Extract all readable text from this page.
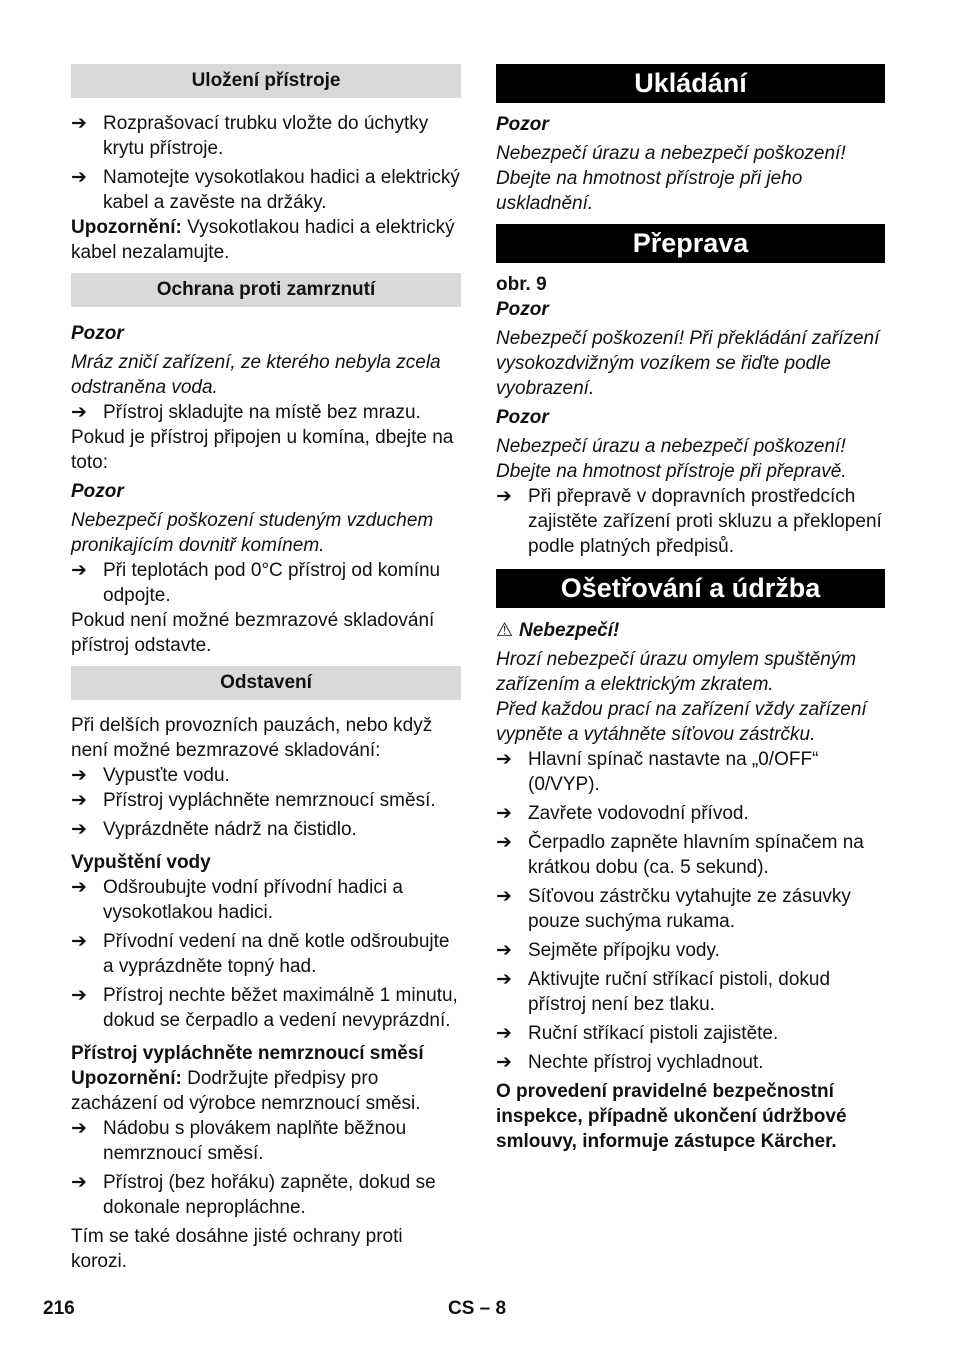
Uložení přístroje

➔ Rozprašovací trubku vložte do úchytky krytu přístroje.

➔ Namotejte vysokotlakou hadici a elektrický kabel a zavěste na držáky.

Upozornění: Vysokotlakou hadici a elektrický kabel nezalamujte.

Ochrana proti zamrznutí

Pozor

Mráz zničí zařízení, ze kterého nebyla zcela odstraněna voda.

➔ Přístroj skladujte na místě bez mrazu.

Pokud je přístroj připojen u komína, dbejte na toto:

Pozor

Nebezpečí poškození studeným vzduchem pronikajícím dovnitř komínem.

➔ Při teplotách pod 0°C přístroj od komínu odpojte.

Pokud není možné bezmrazové skladování přístroj odstavte.

Odstavení

Při delších provozních pauzách, nebo když není možné bezmrazové skladování:

➔ Vypusťte vodu.

➔ Přístroj vypláchněte nemrznoucí směsí.

➔ Vyprázdněte nádrž na čistidlo.

Vypuštění vody

➔ Odšroubujte vodní přívodní hadici a vysokotlakou hadici.

➔ Přívodní vedení na dně kotle odšroubujte a vyprázdněte topný had.

➔ Přístroj nechte běžet maximálně 1 minutu, dokud se čerpadlo a vedení nevyprázdní.

Přístroj vypláchněte nemrznoucí směsí

Upozornění: Dodržujte předpisy pro zacházení od výrobce nemrznoucí směsi.

➔ Nádobu s plovákem naplňte běžnou nemrznoucí směsí.

➔ Přístroj (bez hořáku) zapněte, dokud se dokonale nepropláchne.

Tím se také dosáhne jisté ochrany proti korozi.

Ukládání

Pozor

Nebezpečí úrazu a nebezpečí poškození! Dbejte na hmotnost přístroje při jeho uskladnění.

Přeprava

obr. 9

Pozor

Nebezpečí poškození! Při překládání zařízení vysokozdvižným vozíkem se řiďte podle vyobrazení.

Pozor

Nebezpečí úrazu a nebezpečí poškození! Dbejte na hmotnost přístroje při přepravě.

➔ Při přepravě v dopravních prostředcích zajistěte zařízení proti skluzu a překlopení podle platných předpisů.

Ošetřování a údržba

⚠ Nebezpečí!

Hrozí nebezpečí úrazu omylem spuštěným zařízením a elektrickým zkratem.

Před každou prací na zařízení vždy zařízení vypněte a vytáhněte síťovou zástrčku.

➔ Hlavní spínač nastavte na „0/OFF“ (0/VYP).

➔ Zavřete vodovodní přívod.

➔ Čerpadlo zapněte hlavním spínačem na krátkou dobu (ca. 5 sekund).

➔ Síťovou zástrčku vytahujte ze zásuvky pouze suchýma rukama.

➔ Sejměte přípojku vody.

➔ Aktivujte ruční stříkací pistoli, dokud přístroj není bez tlaku.

➔ Ruční stříkací pistoli zajistěte.

➔ Nechte přístroj vychladnout.

O provedení pravidelné bezpečnostní inspekce, případně ukončení údržbové smlouvy, informuje zástupce Kärcher.

216	CS – 8
